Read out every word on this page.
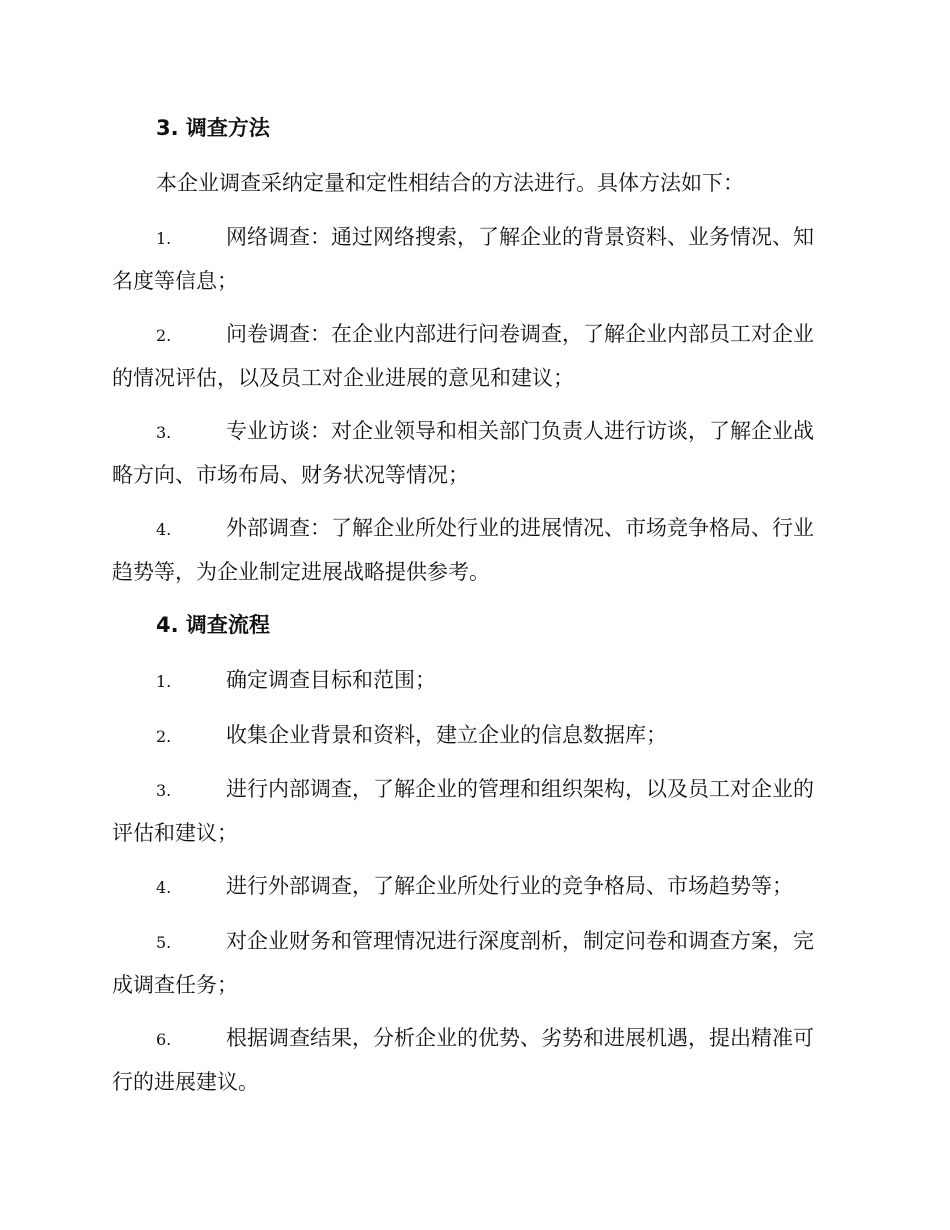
3. 调查方法

本企业调查采纳定量和定性相结合的方法进行。具体方法如下：

1.	网络调查：通过网络搜索，了解企业的背景资料、业务情况、知名度等信息；

2.	问卷调查：在企业内部进行问卷调查，了解企业内部员工对企业的情况评估，以及员工对企业进展的意见和建议；

3.	专业访谈：对企业领导和相关部门负责人进行访谈，了解企业战略方向、市场布局、财务状况等情况；

4.	外部调查：了解企业所处行业的进展情况、市场竞争格局、行业趋势等，为企业制定进展战略提供参考。

4. 调查流程

1.	确定调查目标和范围；

2.	收集企业背景和资料，建立企业的信息数据库；

3.	进行内部调查，了解企业的管理和组织架构，以及员工对企业的评估和建议；

4.	进行外部调查，了解企业所处行业的竞争格局、市场趋势等；

5.	对企业财务和管理情况进行深度剖析，制定问卷和调查方案，完成调查任务；

6.	根据调查结果，分析企业的优势、劣势和进展机遇，提出精准可行的进展建议。
